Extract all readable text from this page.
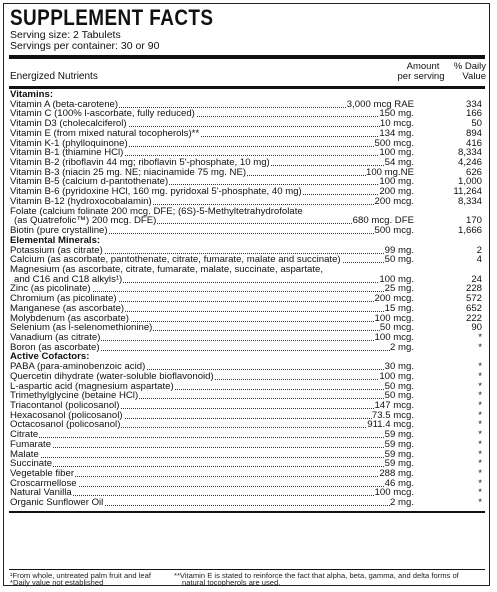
SUPPLEMENT FACTS
Serving size: 2 Tabulets
Servings per container: 30 or 90
Energized Nutrients
Amount
per serving
% Daily
Value
Vitamins:
Vitamin A (beta-carotene)	3,000 mcg RAE	334
Vitamin C (100% l-ascorbate, fully reduced)	150 mg.	166
Vitamin D3 (cholecalciferol)	10 mcg.	50
Vitamin E (from mixed natural tocopherols)**	134 mg.	894
Vitamin K-1 (phylloquinone)	500 mcg.	416
Vitamin B-1 (thiamine HCl)	100 mg.	8,334
Vitamin B-2 (riboflavin 44 mg; riboflavin 5'-phosphate, 10 mg)	54 mg.	4,246
Vitamin B-3 (niacin 25 mg. NE; niacinamide 75 mg. NE)	100 mg.NE	626
Vitamin B-5 (calcium d-pantothenate)	100 mg.	1,000
Vitamin B-6 (pyridoxine HCl, 160 mg. pyridoxal 5'-phosphate, 40 mg)	200 mg.	11,264
Vitamin B-12 (hydroxocobalamin)	200 mcg.	8,334
Folate (calcium folinate 200 mcg. DFE; (6S)-5-Methyltetrahydrofolate
(as Quatrefolic™) 200 mcg. DFE)	680 mcg. DFE	170
Biotin (pure crystalline)	500 mcg.	1,666
Elemental Minerals:
Potassium (as citrate)	99 mg.	2
Calcium (as ascorbate, pantothenate, citrate, fumarate, malate and succinate)	50 mg.	4
Magnesium (as ascorbate, citrate, fumarate, malate, succinate, aspartate,
and C16 and C18 alkyls¹)	100 mg.	24
Zinc (as picolinate)	25 mg.	228
Chromium (as picolinate)	200 mcg.	572
Manganese (as ascorbate)	15 mg.	652
Molybdenum (as ascorbate)	100 mcg.	222
Selenium (as l-selenomethionine)	50 mcg.	90
Vanadium (as citrate)	100 mcg.	*
Boron (as ascorbate)	2 mg.	*
Active Cofactors:
PABA (para-aminobenzoic acid)	30 mg.	*
Quercetin dihydrate (water-soluble bioflavonoid)	100 mg.	*
L-aspartic acid (magnesium aspartate)	50 mg.	*
Trimethylglycine (betaine HCl)	50 mg.	*
Triacontanol (policosanol)	147 mcg.	*
Hexacosanol (policosanol)	73.5 mcg.	*
Octacosanol (policosanol)	911.4 mcg.	*
Citrate	59 mg.	*
Fumarate	59 mg.	*
Malate	59 mg.	*
Succinate	59 mg.	*
Vegetable fiber	288 mg.	*
Croscarmellose	46 mg.	*
Natural Vanilla	100 mcg.	*
Organic Sunflower Oil	2 mg.	*
¹From whole, untreated palm fruit and leaf
*Daily value not established
**Vitamin E is stated to reinforce the fact that alpha, beta, gamma, and delta forms of
natural tocopherols are used.
